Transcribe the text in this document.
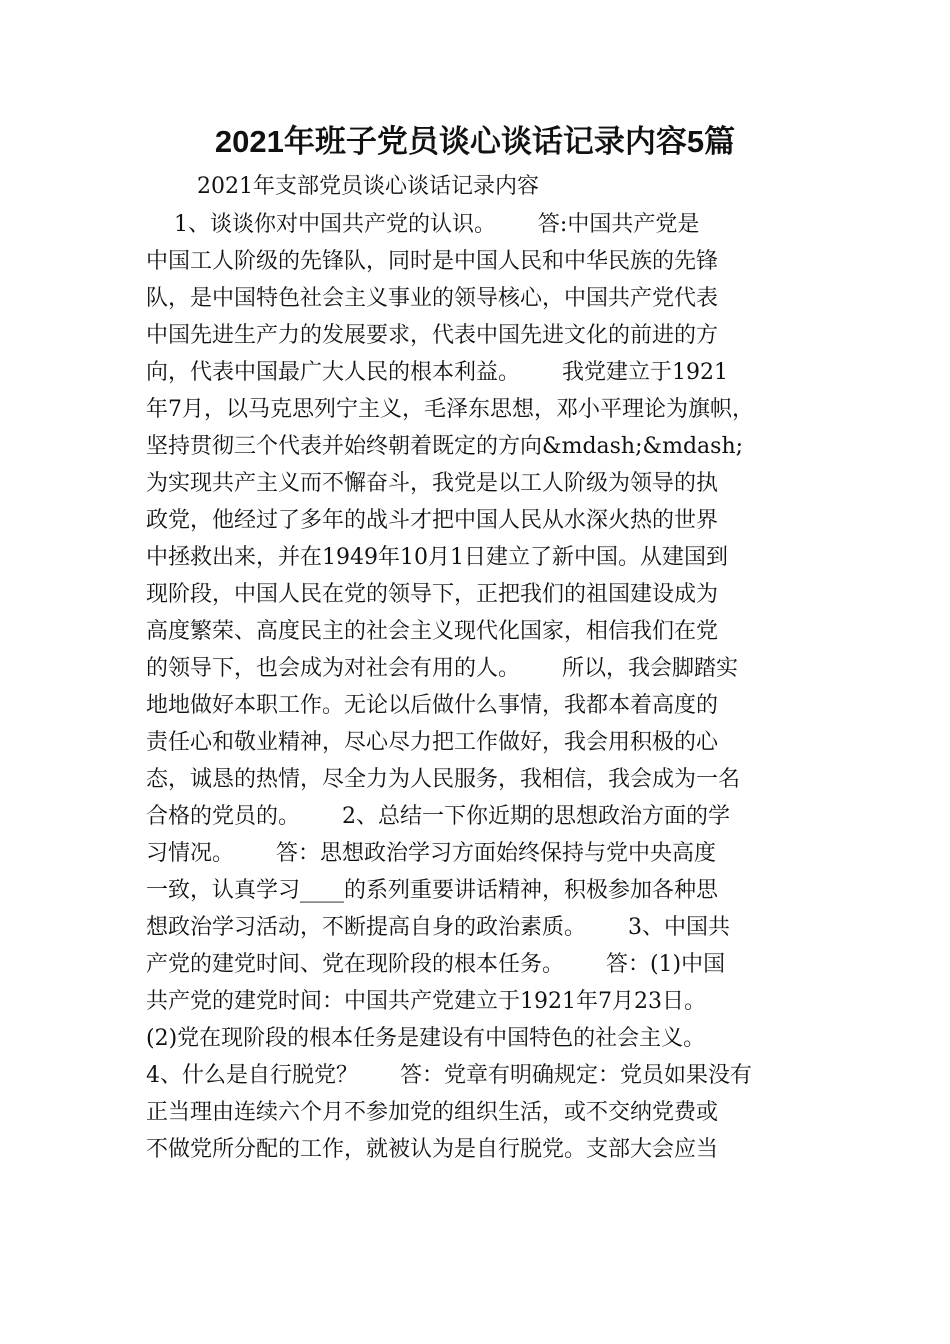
2021年班子党员谈心谈话记录内容5篇
2021年支部党员谈心谈话记录内容
1、谈谈你对中国共产党的认识。      答:中国共产党是
中国工人阶级的先锋队，同时是中国人民和中华民族的先锋
队，是中国特色社会主义事业的领导核心，中国共产党代表
中国先进生产力的发展要求，代表中国先进文化的前进的方
向，代表中国最广大人民的根本利益。      我党建立于1921
年7月，以马克思列宁主义，毛泽东思想，邓小平理论为旗帜，
坚持贯彻三个代表并始终朝着既定的方向&mdash;&mdash;
为实现共产主义而不懈奋斗，我党是以工人阶级为领导的执
政党，他经过了多年的战斗才把中国人民从水深火热的世界
中拯救出来，并在1949年10月1日建立了新中国。从建国到
现阶段，中国人民在党的领导下，正把我们的祖国建设成为
高度繁荣、高度民主的社会主义现代化国家，相信我们在党
的领导下，也会成为对社会有用的人。      所以，我会脚踏实
地地做好本职工作。无论以后做什么事情，我都本着高度的
责任心和敬业精神，尽心尽力把工作做好，我会用积极的心
态，诚恳的热情，尽全力为人民服务，我相信，我会成为一名
合格的党员的。      2、总结一下你近期的思想政治方面的学
习情况。      答：思想政治学习方面始终保持与党中央高度
一致，认真学习____的系列重要讲话精神，积极参加各种思
想政治学习活动，不断提高自身的政治素质。      3、中国共
产党的建党时间、党在现阶段的根本任务。      答：(1)中国
共产党的建党时间：中国共产党建立于1921年7月23日。
(2)党在现阶段的根本任务是建设有中国特色的社会主义。
4、什么是自行脱党？      答：党章有明确规定：党员如果没有
正当理由连续六个月不参加党的组织生活，或不交纳党费或
不做党所分配的工作，就被认为是自行脱党。支部大会应当
